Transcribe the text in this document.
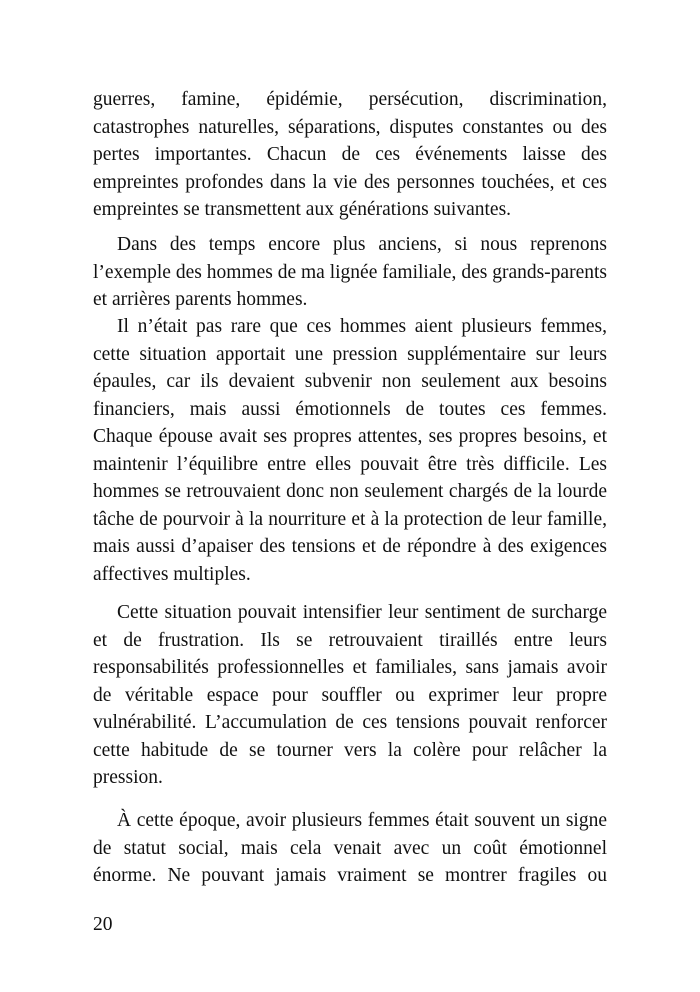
guerres, famine, épidémie, persécution, discrimination,
catastrophes naturelles, séparations, disputes constantes ou des
pertes importantes. Chacun de ces événements laisse des
empreintes profondes dans la vie des personnes touchées, et ces
empreintes se transmettent aux générations suivantes.
Dans des temps encore plus anciens, si nous reprenons
l’exemple des hommes de ma lignée familiale, des grands-parents
et arrières parents hommes.
Il n’était pas rare que ces hommes aient plusieurs femmes,
cette situation apportait une pression supplémentaire sur leurs
épaules, car ils devaient subvenir non seulement aux besoins
financiers, mais aussi émotionnels de toutes ces femmes.
Chaque épouse avait ses propres attentes, ses propres besoins, et
maintenir l’équilibre entre elles pouvait être très difficile. Les
hommes se retrouvaient donc non seulement chargés de la lourde
tâche de pourvoir à la nourriture et à la protection de leur famille,
mais aussi d’apaiser des tensions et de répondre à des exigences
affectives multiples.
Cette situation pouvait intensifier leur sentiment de surcharge
et de frustration. Ils se retrouvaient tiraillés entre leurs
responsabilités professionnelles et familiales, sans jamais avoir
de véritable espace pour souffler ou exprimer leur propre
vulnérabilité. L’accumulation de ces tensions pouvait renforcer
cette habitude de se tourner vers la colère pour relâcher la
pression.
À cette époque, avoir plusieurs femmes était souvent un signe
de statut social, mais cela venait avec un coût émotionnel
énorme. Ne pouvant jamais vraiment se montrer fragiles ou
20
